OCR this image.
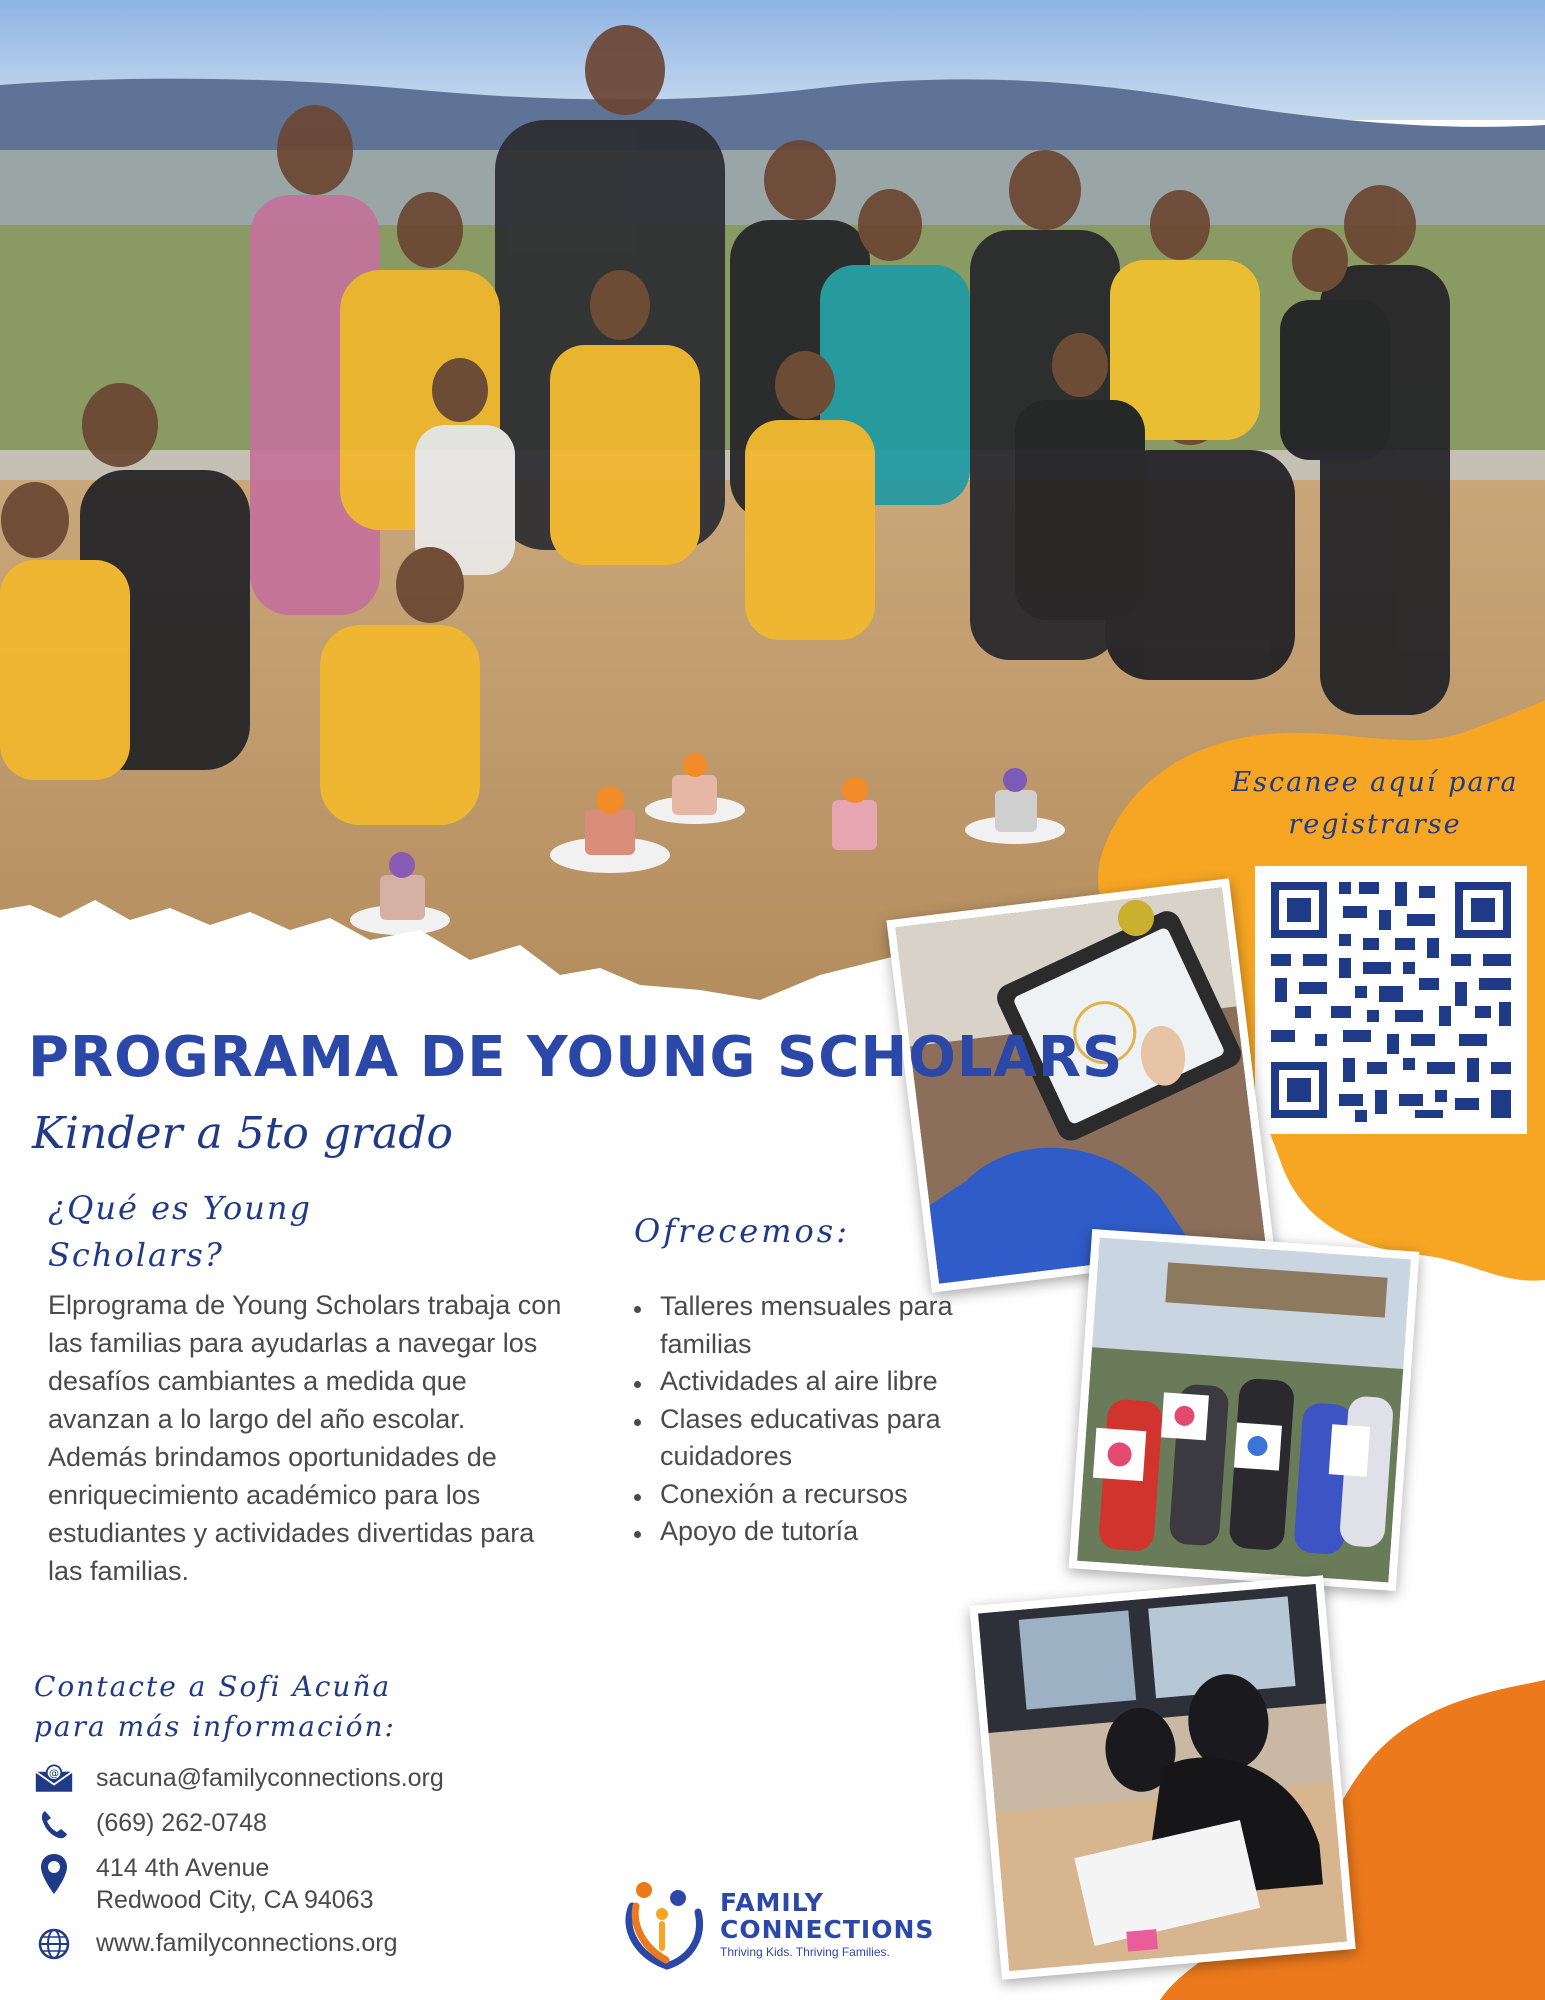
Escanee aquí para registrarse
PROGRAMA DE YOUNG SCHOLARS
Kinder a 5to grado
¿Qué es Young Scholars?
Elprograma de Young Scholars trabaja con las familias para ayudarlas a navegar los desafíos cambiantes a medida que avanzan a lo largo del año escolar. Además brindamos oportunidades de enriquecimiento académico para los estudiantes y actividades divertidas para las familias.
Ofrecemos:
Talleres mensuales para familias
Actividades al aire libre
Clases educativas para cuidadores
Conexión a recursos
Apoyo de tutoría
Contacte a Sofi Acuña para más información:
@ sacuna@familyconnections.org
(669) 262-0748
414 4th Avenue
Redwood City, CA 94063
www.familyconnections.org
FAMILY
CONNECTIONS
Thriving Kids. Thriving Families.
